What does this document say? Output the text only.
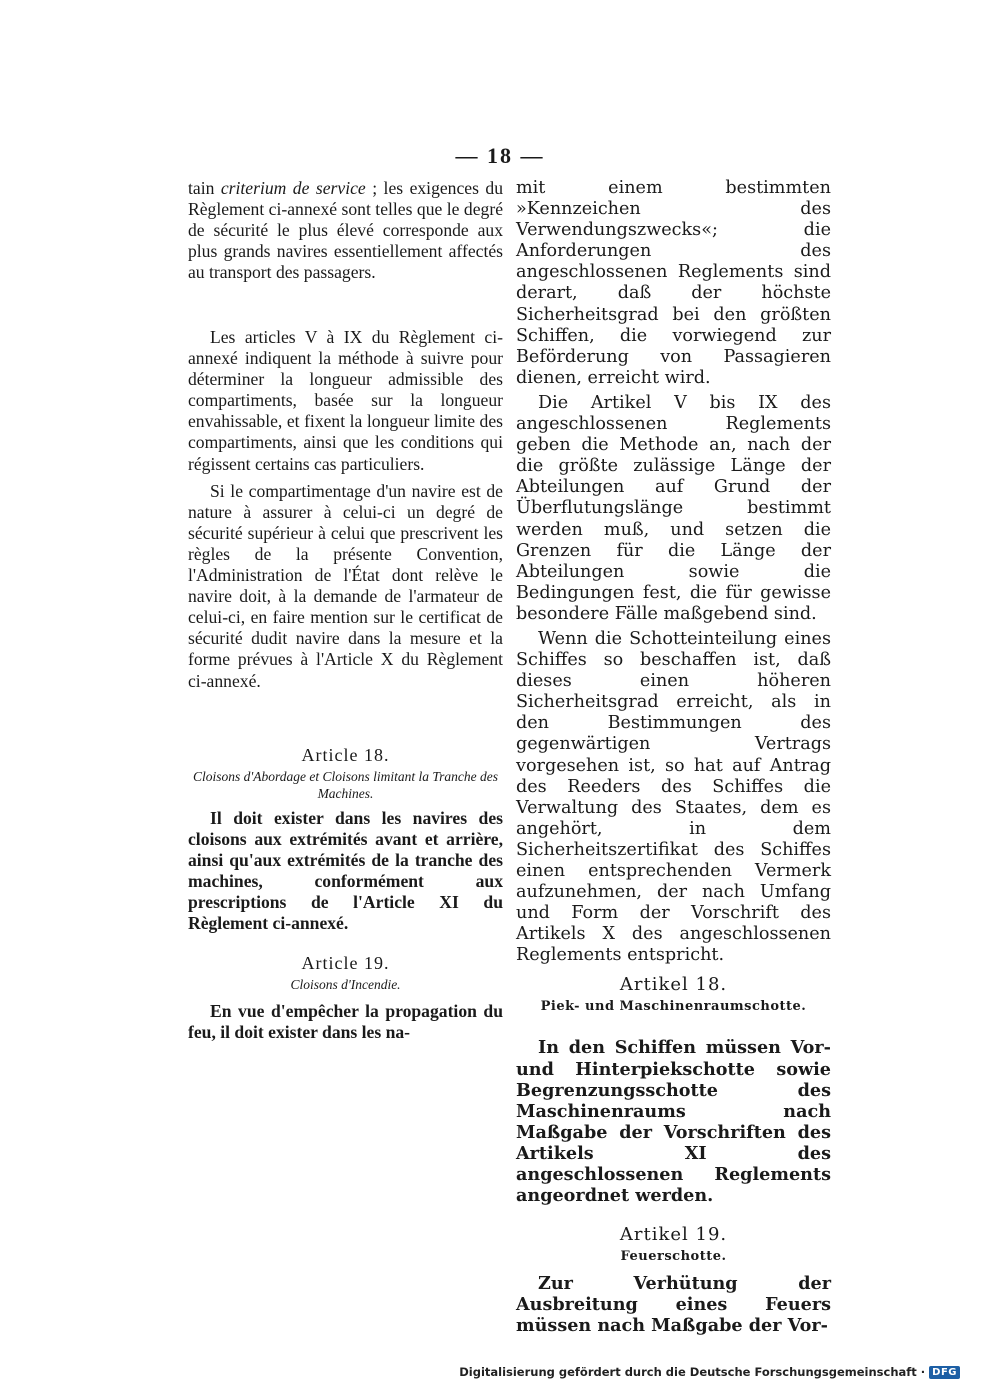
— 18 —

tain criterium de service ; les exigences du Règlement ci-annexé sont telles que le degré de sécurité le plus élevé corresponde aux plus grands navires essentiellement affectés au transport des passagers.

Les articles V à IX du Règlement ci-annexé indiquent la méthode à suivre pour déterminer la longueur admissible des compartiments, basée sur la longueur envahissable, et fixent la longueur limite des compartiments, ainsi que les conditions qui régissent certains cas particuliers.

Si le compartimentage d'un navire est de nature à assurer à celui-ci un degré de sécurité supérieur à celui que prescrivent les règles de la présente Convention, l'Administration de l'État dont relève le navire doit, à la demande de l'armateur de celui-ci, en faire mention sur le certificat de sécurité dudit navire dans la mesure et la forme prévues à l'Article X du Règlement ci-annexé.

Article 18.

Cloisons d'Abordage et Cloisons limitant la Tranche des Machines.

Il doit exister dans les navires des cloisons aux extrémités avant et arrière, ainsi qu'aux extrémités de la tranche des machines, conformément aux prescriptions de l'Article XI du Règlement ci-annexé.

Article 19.

Cloisons d'Incendie.

En vue d'empêcher la propagation du feu, il doit exister dans les na-

mit einem bestimmten »Kennzeichen des Verwendungszwecks«; die Anforderungen des angeschlossenen Reglements sind derart, daß der höchste Sicherheitsgrad bei den größten Schiffen, die vorwiegend zur Beförderung von Passagieren dienen, erreicht wird.

Die Artikel V bis IX des angeschlossenen Reglements geben die Methode an, nach der die größte zulässige Länge der Abteilungen auf Grund der Überflutungslänge bestimmt werden muß, und setzen die Grenzen für die Länge der Abteilungen sowie die Bedingungen fest, die für gewisse besondere Fälle maßgebend sind.

Wenn die Schotteinteilung eines Schiffes so beschaffen ist, daß dieses einen höheren Sicherheitsgrad erreicht, als in den Bestimmungen des gegenwärtigen Vertrags vorgesehen ist, so hat auf Antrag des Reeders des Schiffes die Verwaltung des Staates, dem es angehört, in dem Sicherheitszertifikat des Schiffes einen entsprechenden Vermerk aufzunehmen, der nach Umfang und Form der Vorschrift des Artikels X des angeschlossenen Reglements entspricht.

Artikel 18.

Piek- und Maschinenraumschotte.

In den Schiffen müssen Vor- und Hinterpiekschotte sowie Begrenzungsschotte des Maschinenraums nach Maßgabe der Vorschriften des Artikels XI des angeschlossenen Reglements angeordnet werden.

Artikel 19.

Feuerschotte.

Zur Verhütung der Ausbreitung eines Feuers müssen nach Maßgabe der Vor-

Digitalisierung gefördert durch die Deutsche Forschungsgemeinschaft · DFG
